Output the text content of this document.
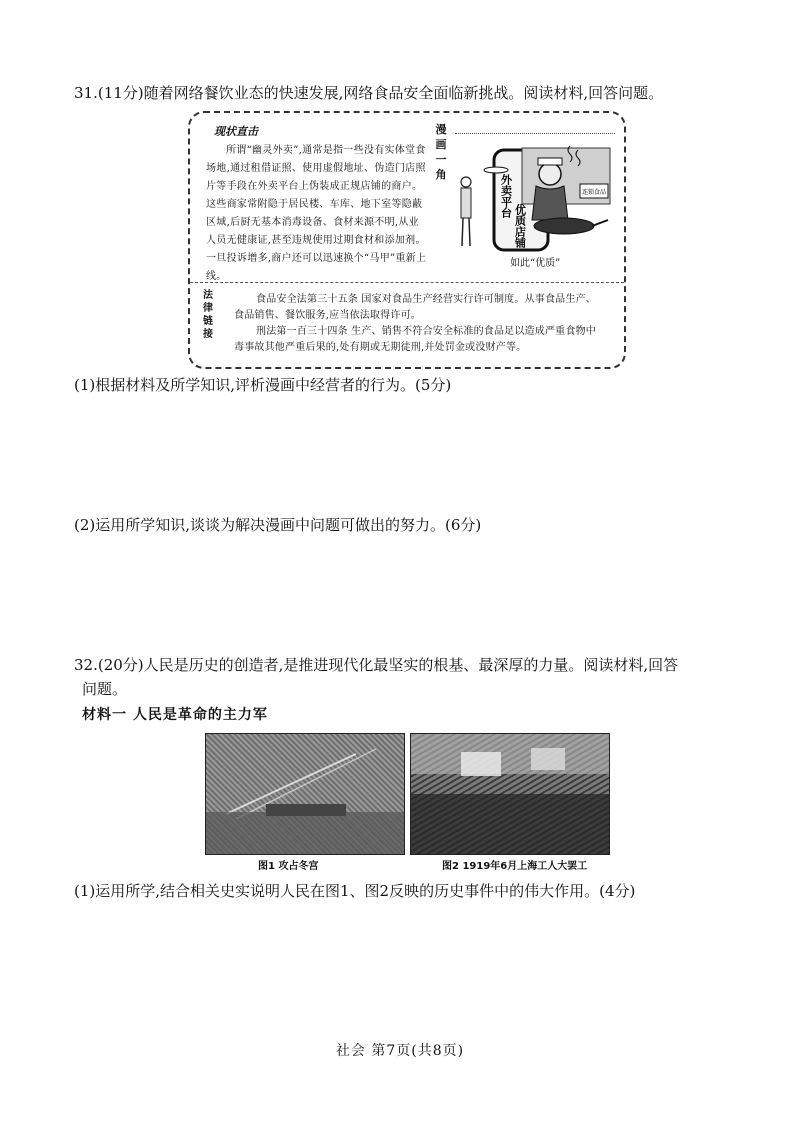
31.(11分)随着网络餐饮业态的快速发展,网络食品安全面临新挑战。阅读材料,回答问题。
现状直击
所谓“幽灵外卖”,通常是指一些没有实体堂食场地,通过租借证照、使用虚假地址、伪造门店照片等手段在外卖平台上伪装成正规店铺的商户。这些商家常附隐于居民楼、车库、地下室等隐蔽区域,后厨无基本消毒设备、食材来源不明,从业人员无健康证,甚至违规使用过期食材和添加剂。一旦投诉增多,商户还可以迅速换个“马甲”重新上线。
漫画一角
连锁食品
外卖平台
优质店铺
如此“优质”
法律链接

食品安全法第三十五条 国家对食品生产经营实行许可制度。从事食品生产、食品销售、餐饮服务,应当依法取得许可。

刑法第一百三十四条 生产、销售不符合安全标准的食品足以造成严重食物中毒事故其他严重后果的,处有期或无期徒刑,并处罚金或没财产等。

(1)根据材料及所学知识,评析漫画中经营者的行为。(5分)
(2)运用所学知识,谈谈为解决漫画中问题可做出的努力。(6分)
32.(20分)人民是历史的创造者,是推进现代化最坚实的根基、最深厚的力量。阅读材料,回答
问题。
材料一 人民是革命的主力军
图1 攻占冬宫	图2 1919年6月上海工人大罢工
(1)运用所学,结合相关史实说明人民在图1、图2反映的历史事件中的伟大作用。(4分)
社会 第7页(共8页)
